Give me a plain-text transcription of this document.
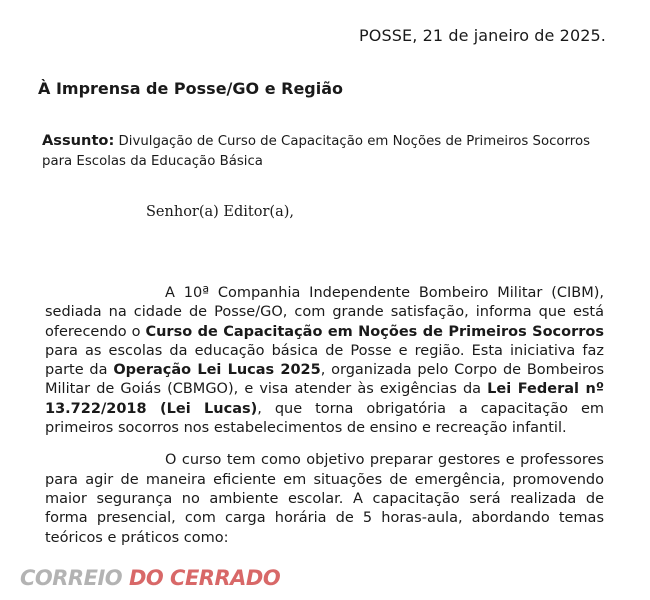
POSSE, 21 de janeiro de 2025.
À Imprensa de Posse/GO e Região
Assunto: Divulgação de Curso de Capacitação em Noções de Primeiros Socorros para Escolas da Educação Básica
Senhor(a) Editor(a),

A 10ª Companhia Independente Bombeiro Militar (CIBM), sediada na cidade de Posse/GO, com grande satisfação, informa que está oferecendo o Curso de Capacitação em Noções de Primeiros Socorros para as escolas da educação básica de Posse e região. Esta iniciativa faz parte da Operação Lei Lucas 2025, organizada pelo Corpo de Bombeiros Militar de Goiás (CBMGO), e visa atender às exigências da Lei Federal nº 13.722/2018 (Lei Lucas), que torna obrigatória a capacitação em primeiros socorros nos estabelecimentos de ensino e recreação infantil.

O curso tem como objetivo preparar gestores e professores para agir de maneira eficiente em situações de emergência, promovendo maior segurança no ambiente escolar. A capacitação será realizada de forma presencial, com carga horária de 5 horas-aula, abordando temas teóricos e práticos como:

CORREIO DO CERRADO
